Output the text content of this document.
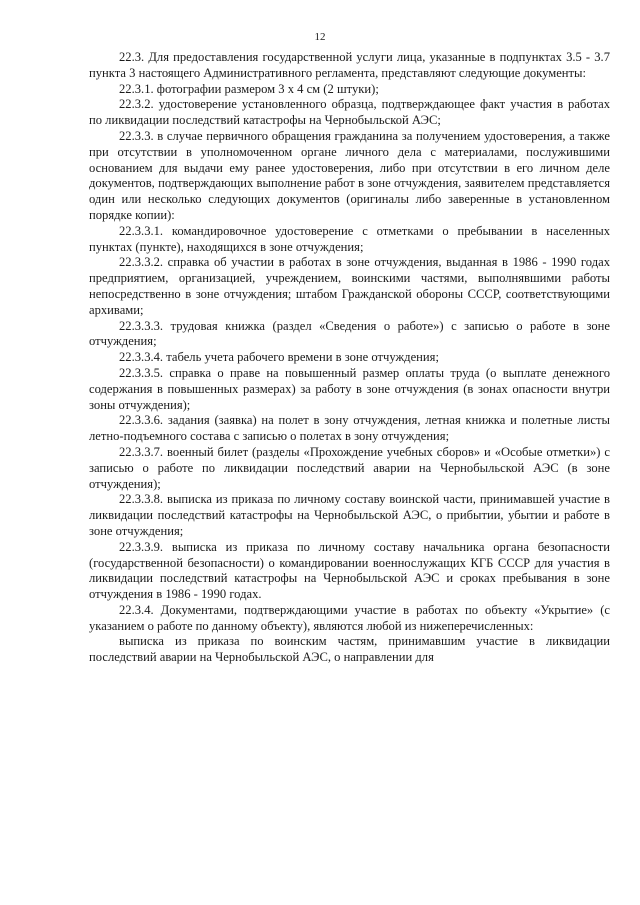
12

22.3. Для предоставления государственной услуги лица, указанные в подпунктах 3.5 - 3.7 пункта 3 настоящего Административного регламента, представляют следующие документы:

22.3.1. фотографии размером 3 x 4 см (2 штуки);

22.3.2. удостоверение установленного образца, подтверждающее факт участия в работах по ликвидации последствий катастрофы на Чернобыльской АЭС;

22.3.3. в случае первичного обращения гражданина за получением удостоверения, а также при отсутствии в уполномоченном органе личного дела с материалами, послужившими основанием для выдачи ему ранее удостоверения, либо при отсутствии в его личном деле документов, подтверждающих выполнение работ в зоне отчуждения, заявителем представляется один или несколько следующих документов (оригиналы либо заверенные в установленном порядке копии):

22.3.3.1. командировочное удостоверение с отметками о пребывании в населенных пунктах (пункте), находящихся в зоне отчуждения;

22.3.3.2. справка об участии в работах в зоне отчуждения, выданная в 1986 - 1990 годах предприятием, организацией, учреждением, воинскими частями, выполнявшими работы непосредственно в зоне отчуждения; штабом Гражданской обороны СССР, соответствующими архивами;

22.3.3.3. трудовая книжка (раздел «Сведения о работе») с записью о работе в зоне отчуждения;

22.3.3.4. табель учета рабочего времени в зоне отчуждения;

22.3.3.5. справка о праве на повышенный размер оплаты труда (о выплате денежного содержания в повышенных размерах) за работу в зоне отчуждения (в зонах опасности внутри зоны отчуждения);

22.3.3.6. задания (заявка) на полет в зону отчуждения, летная книжка и полетные листы летно-подъемного состава с записью о полетах в зону отчуждения;

22.3.3.7. военный билет (разделы «Прохождение учебных сборов» и «Особые отметки») с записью о работе по ликвидации последствий аварии на Чернобыльской АЭС (в зоне отчуждения);

22.3.3.8. выписка из приказа по личному составу воинской части, принимавшей участие в ликвидации последствий катастрофы на Чернобыльской АЭС, о прибытии, убытии и работе в зоне отчуждения;

22.3.3.9. выписка из приказа по личному составу начальника органа безопасности (государственной безопасности) о командировании военнослужащих КГБ СССР для участия в ликвидации последствий катастрофы на Чернобыльской АЭС и сроках пребывания в зоне отчуждения в 1986 - 1990 годах.

22.3.4. Документами, подтверждающими участие в работах по объекту «Укрытие» (с указанием о работе по данному объекту), являются любой из нижеперечисленных:

выписка из приказа по воинским частям, принимавшим участие в ликвидации последствий аварии на Чернобыльской АЭС, о направлении для
